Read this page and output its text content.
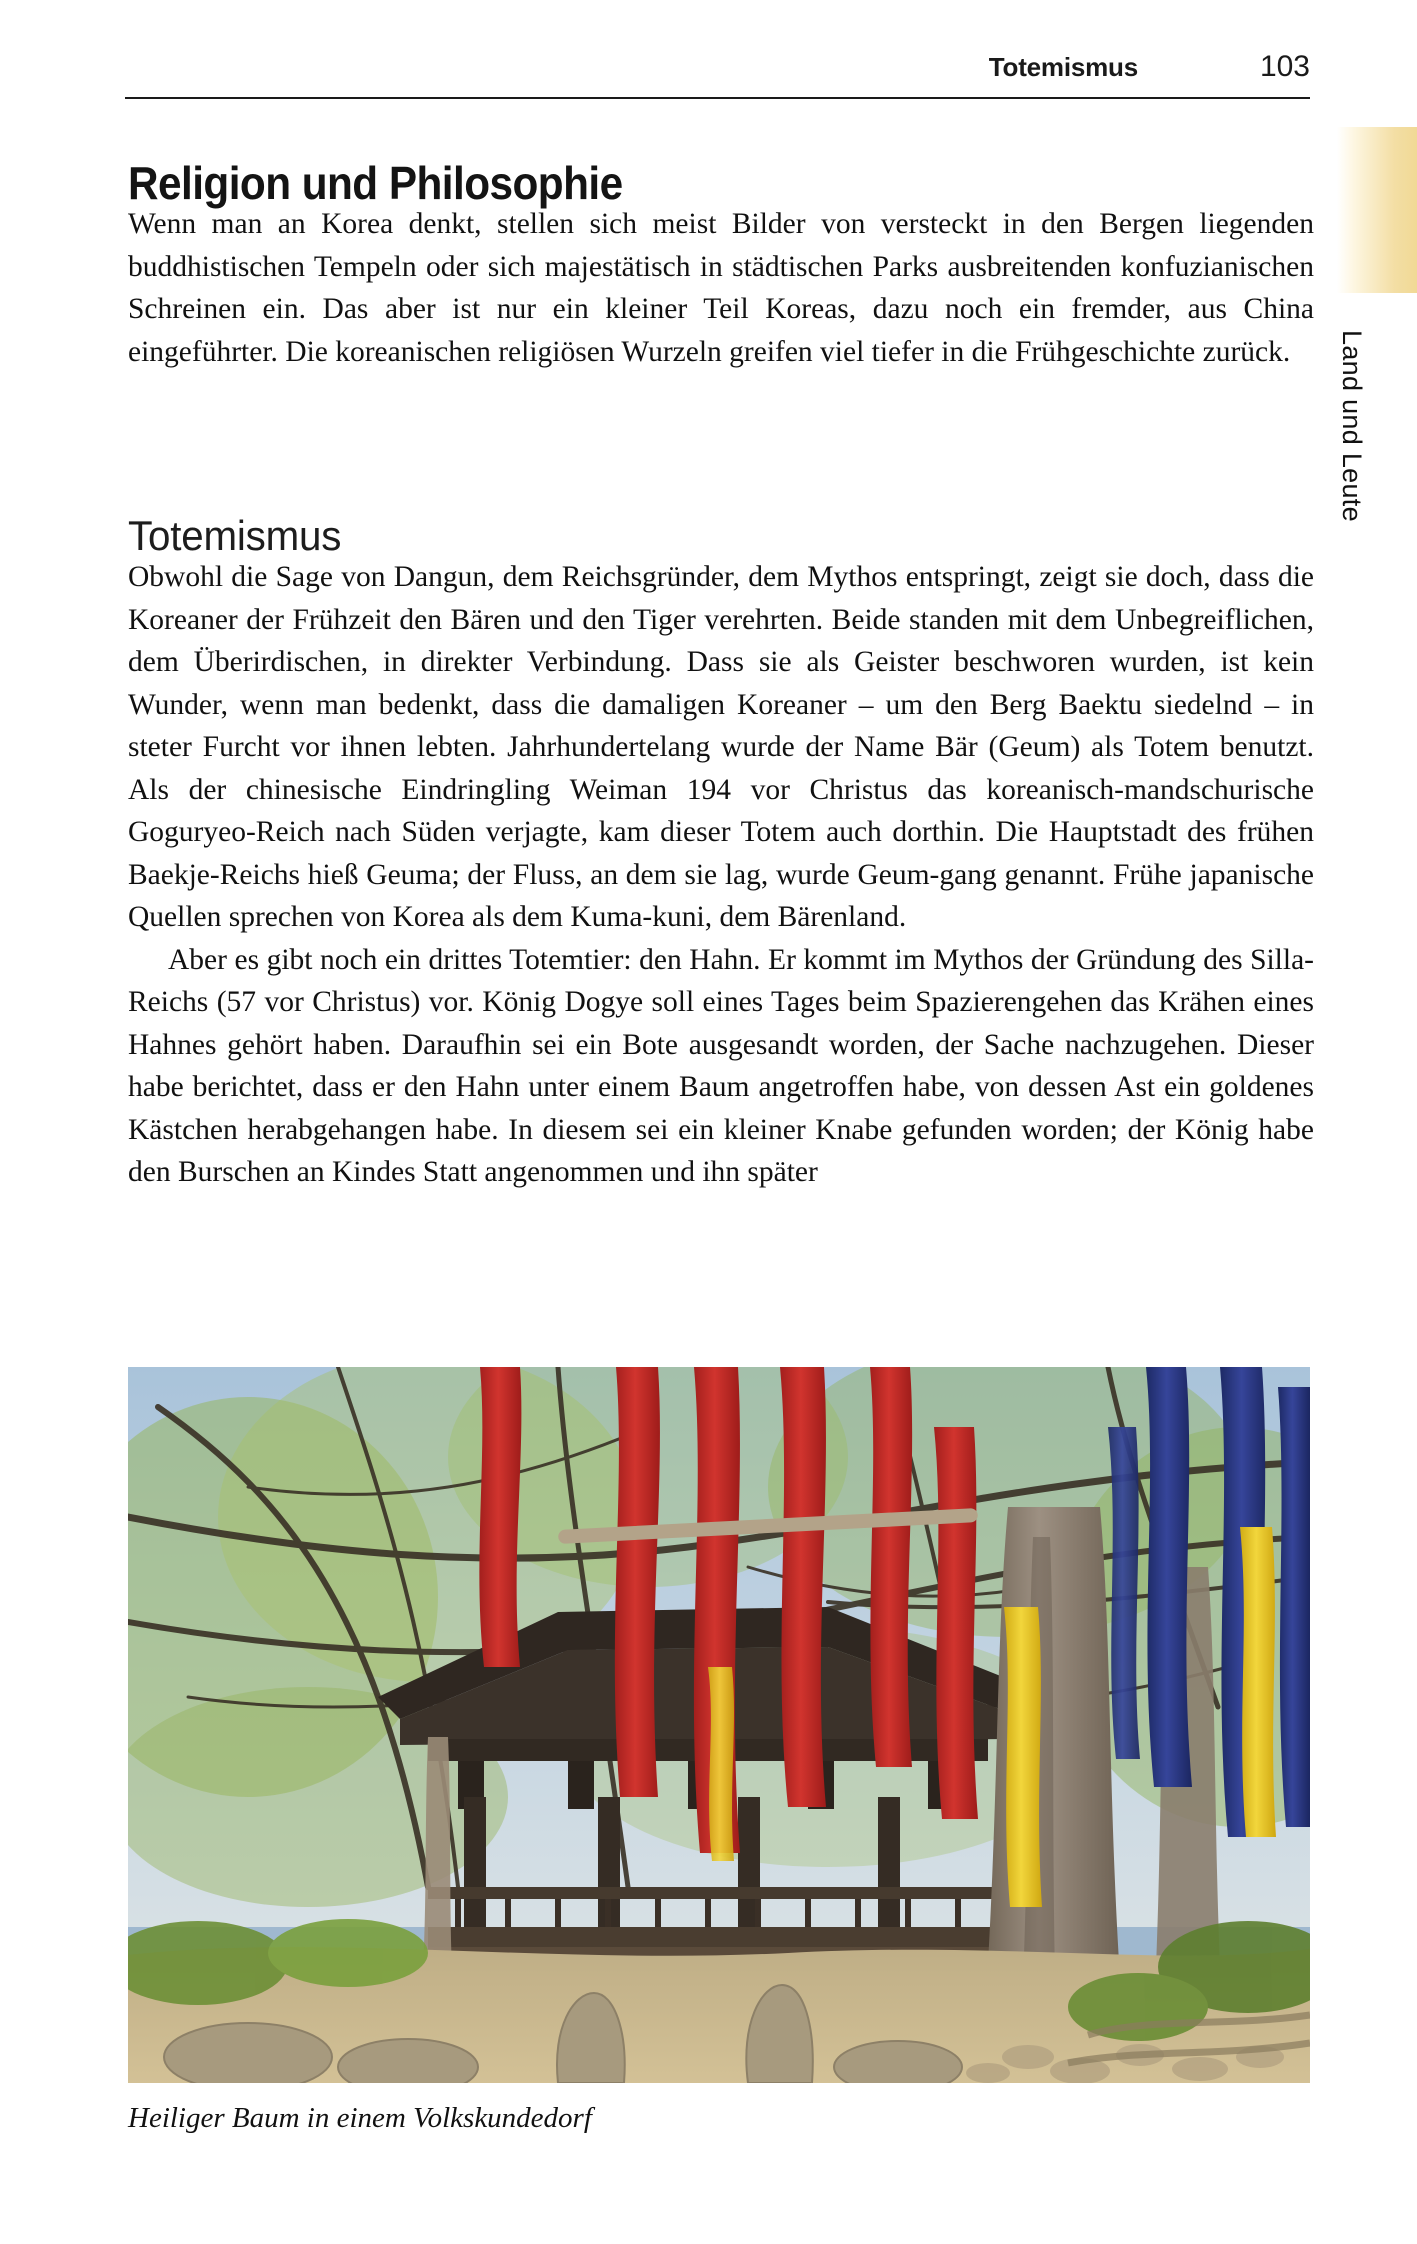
Totemismus	103
Land und Leute
Religion und Philosophie
Totemismus

Wenn man an Korea denkt, stellen sich meist Bilder von versteckt in den Bergen liegenden buddhistischen Tempeln oder sich majestätisch in städtischen Parks ausbreitenden konfuzianischen Schreinen ein. Das aber ist nur ein kleiner Teil Koreas, dazu noch ein fremder, aus China eingeführter. Die koreanischen religiösen Wurzeln greifen viel tiefer in die Frühgeschichte zurück.

Obwohl die Sage von Dangun, dem Reichsgründer, dem Mythos entspringt, zeigt sie doch, dass die Koreaner der Frühzeit den Bären und den Tiger verehrten. Beide standen mit dem Unbegreiflichen, dem Überirdischen, in direkter Verbindung. Dass sie als Geister beschworen wurden, ist kein Wunder, wenn man bedenkt, dass die damaligen Koreaner – um den Berg Baektu siedelnd – in steter Furcht vor ihnen lebten. Jahrhundertelang wurde der Name Bär (Geum) als Totem benutzt. Als der chinesische Eindringling Weiman 194 vor Christus das koreanisch-mandschurische Goguryeo-Reich nach Süden verjagte, kam dieser Totem auch dorthin. Die Hauptstadt des frühen Baekje-Reichs hieß Geuma; der Fluss, an dem sie lag, wurde Geum-gang genannt. Frühe japanische Quellen sprechen von Korea als dem Kuma-kuni, dem Bärenland.

Aber es gibt noch ein drittes Totemtier: den Hahn. Er kommt im Mythos der Gründung des Silla-Reichs (57 vor Christus) vor. König Dogye soll eines Tages beim Spazierengehen das Krähen eines Hahnes gehört haben. Daraufhin sei ein Bote ausgesandt worden, der Sache nachzugehen. Dieser habe berichtet, dass er den Hahn unter einem Baum angetroffen habe, von dessen Ast ein goldenes Kästchen herabgehangen habe. In diesem sei ein kleiner Knabe gefunden worden; der König habe den Burschen an Kindes Statt angenommen und ihn später

Heiliger Baum in einem Volkskundedorf
